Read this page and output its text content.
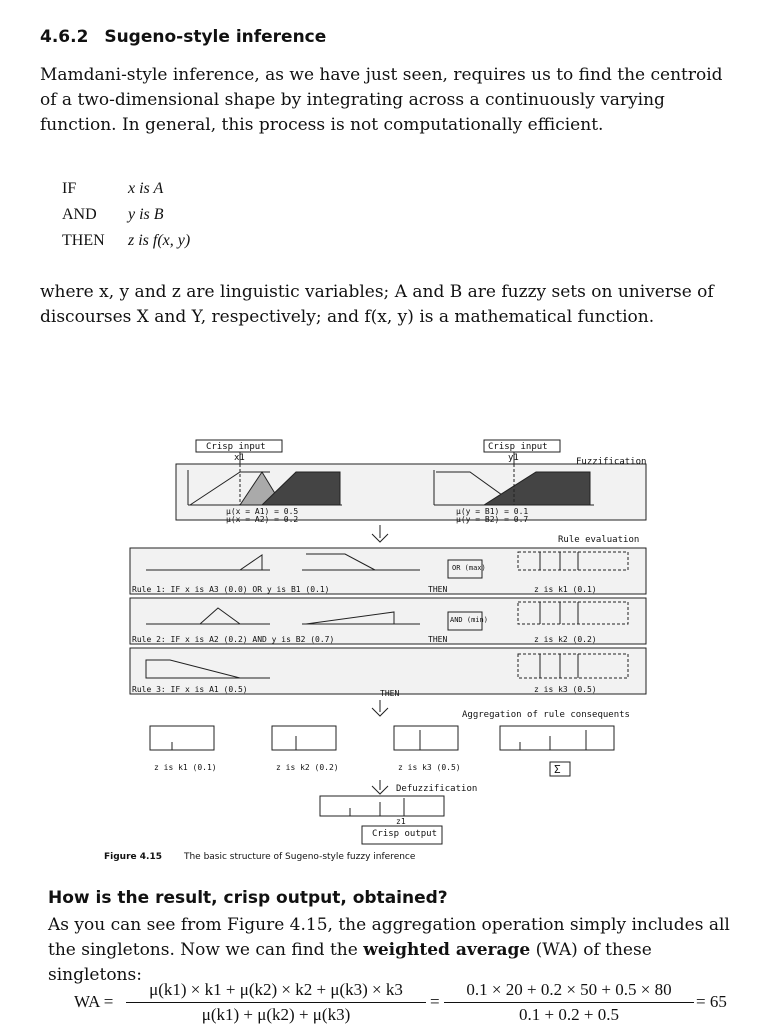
4.6.2 Sugeno-style inference
Mamdani-style inference, as we have just seen, requires us to find the centroid of a two-dimensional shape by integrating across a continuously varying function. In general, this process is not computationally efficient.
IF	x is A
AND y is B
THEN z is f(x, y)
where x, y and z are linguistic variables; A and B are fuzzy sets on universe of discourses X and Y, respectively; and f(x, y) is a mathematical function.
Crisp input
x1
Crisp input
y1	Fuzzification
μ(x = A1) = 0.5
μ(x = A2) = 0.2
μ(y = B1) = 0.1
μ(y = B2) = 0.7
Rule evaluation
Rule 1: IF x is A3 (0.0) OR y is B1 (0.1)
Rule 2: IF x is A2 (0.2) AND y is B2 (0.7)
Rule 3: IF x is A1 (0.5)
z is k1 (0.1)
z is k2 (0.2)
z is k3 (0.5)
OR (max)
AND (min)
THEN
THEN
THEN
Aggregation of rule consequents
z is k1 (0.1)	z is k2 (0.2)	z is k3 (0.5)	Σ
Defuzzification
Crisp output
z1
Figure 4.15 The basic structure of Sugeno-style fuzzy inference
How is the result, crisp output, obtained?
As you can see from Figure 4.15, the aggregation operation simply includes all the singletons. Now we can find the weighted average (WA) of these singletons:
WA = $\frac{\mu(k1) \times k1 + \mu(k2) \times k2 + \mu(k3) \times k3}{\mu(k1) + \mu(k2) + \mu(k3)} = \frac{0.1 \times 20 + 0.2 \times 50 + 0.5 \times 80}{0.1 + 0.2 + 0.5} = 65$
